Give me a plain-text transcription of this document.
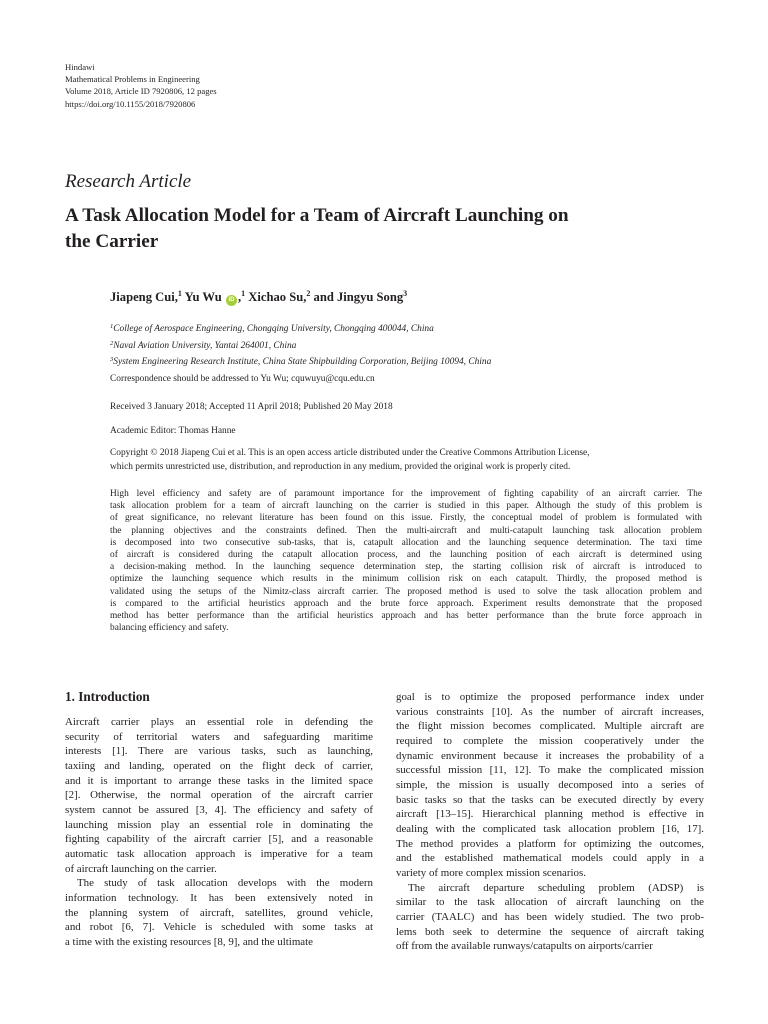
Hindawi
Mathematical Problems in Engineering
Volume 2018, Article ID 7920806, 12 pages
https://doi.org/10.1155/2018/7920806
Research Article
A Task Allocation Model for a Team of Aircraft Launching on
the Carrier
Jiapeng Cui,$^1$ Yu Wu iD ,$^1$ Xichao Su,$^2$ and Jingyu Song$^3$
$^1$College of Aerospace Engineering, Chongqing University, Chongqing 400044, China
$^2$Naval Aviation University, Yantai 264001, China
$^3$System Engineering Research Institute, China State Shipbuilding Corporation, Beijing 10094, China
Correspondence should be addressed to Yu Wu; cquwuyu@cqu.edu.cn
Received 3 January 2018; Accepted 11 April 2018; Published 20 May 2018
Academic Editor: Thomas Hanne
Copyright © 2018 Jiapeng Cui et al. This is an open access article distributed under the Creative Commons Attribution License,
which permits unrestricted use, distribution, and reproduction in any medium, provided the original work is properly cited.
High level efficiency and safety are of paramount importance for the improvement of fighting capability of an aircraft carrier. The
task allocation problem for a team of aircraft launching on the carrier is studied in this paper. Although the study of this problem is
of great significance, no relevant literature has been found on this issue. Firstly, the conceptual model of problem is formulated with
the planning objectives and the constraints defined. Then the multi-aircraft and multi-catapult launching task allocation problem
is decomposed into two consecutive sub-tasks, that is, catapult allocation and the launching sequence determination. The taxi time
of aircraft is considered during the catapult allocation process, and the launching position of each aircraft is determined using
a decision-making method. In the launching sequence determination step, the starting collision risk of aircraft is introduced to
optimize the launching sequence which results in the minimum collision risk on each catapult. Thirdly, the proposed method is
validated using the setups of the Nimitz-class aircraft carrier. The proposed method is used to solve the task allocation problem and
is compared to the artificial heuristics approach and the brute force approach. Experiment results demonstrate that the proposed
method has better performance than the artificial heuristics approach and has better performance than the brute force approach in
balancing efficiency and safety.
1. Introduction
Aircraft carrier plays an essential role in defending the
security of territorial waters and safeguarding maritime
interests [1]. There are various tasks, such as launching,
taxiing and landing, operated on the flight deck of carrier,
and it is important to arrange these tasks in the limited space
[2]. Otherwise, the normal operation of the aircraft carrier
system cannot be assured [3, 4]. The efficiency and safety of
launching mission play an essential role in dominating the
fighting capability of the aircraft carrier [5], and a reasonable
automatic task allocation approach is imperative for a team
of aircraft launching on the carrier.
The study of task allocation develops with the modern
information technology. It has been extensively noted in
the planning system of aircraft, satellites, ground vehicle,
and robot [6, 7]. Vehicle is scheduled with some tasks at
a time with the existing resources [8, 9], and the ultimate
goal is to optimize the proposed performance index under
various constraints [10]. As the number of aircraft increases,
the flight mission becomes complicated. Multiple aircraft are
required to complete the mission cooperatively under the
dynamic environment because it increases the probability of a
successful mission [11, 12]. To make the complicated mission
simple, the mission is usually decomposed into a series of
basic tasks so that the tasks can be executed directly by every
aircraft [13–15]. Hierarchical planning method is effective in
dealing with the complicated task allocation problem [16, 17].
The method provides a platform for optimizing the outcomes,
and the established mathematical models could apply in a
variety of more complex mission scenarios.
The aircraft departure scheduling problem (ADSP) is
similar to the task allocation of aircraft launching on the
carrier (TAALC) and has been widely studied. The two prob-
lems both seek to determine the sequence of aircraft taking
off from the available runways/catapults on airports/carrier
